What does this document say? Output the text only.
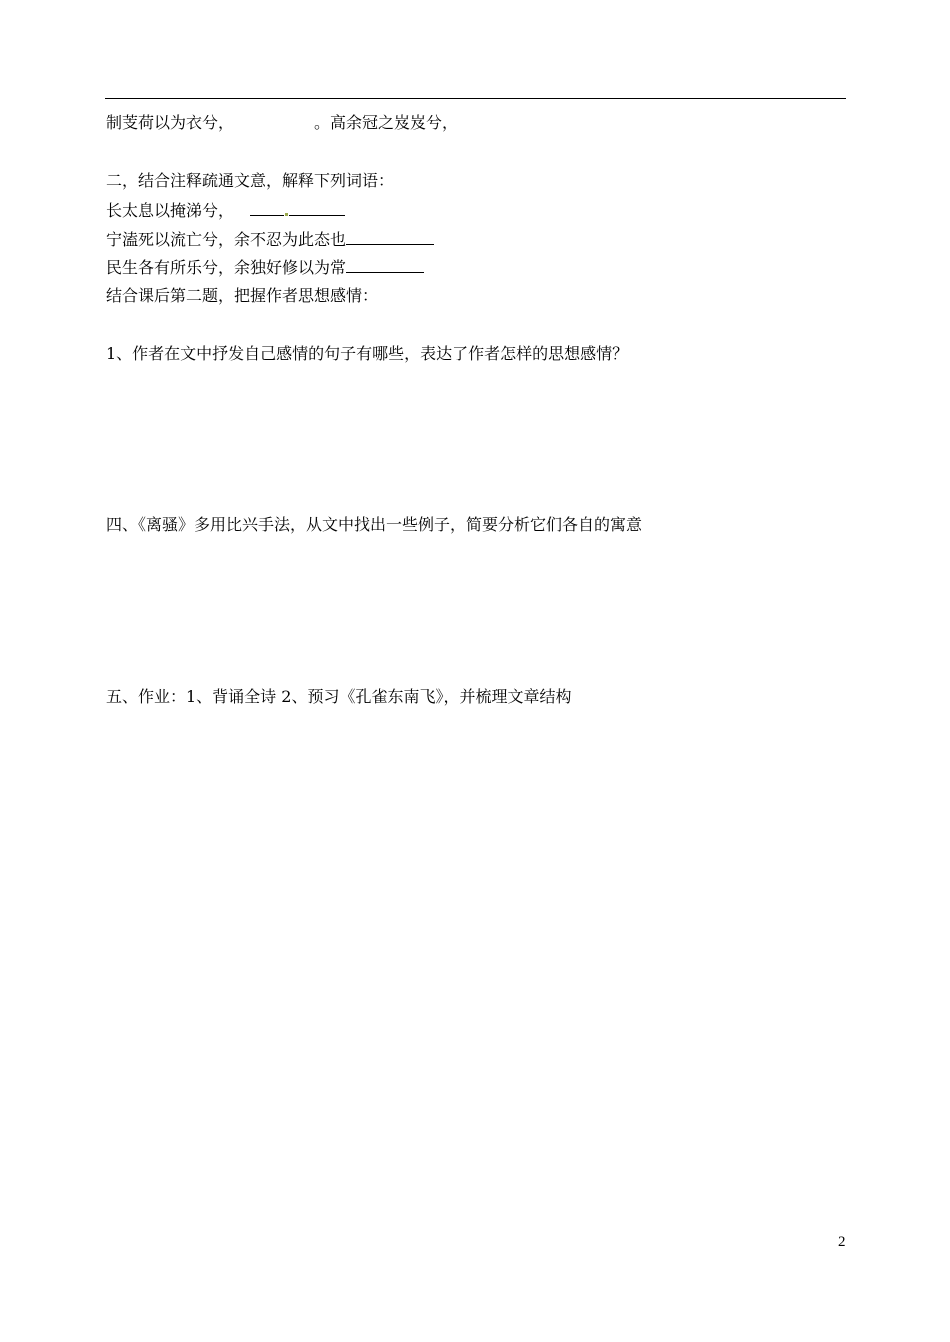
制芰荷以为衣兮，	。高余冠之岌岌兮，
二，结合注释疏通文意，解释下列词语：
长太息以掩涕兮，
宁溘死以流亡兮，余不忍为此态也
民生各有所乐兮，余独好修以为常
结合课后第二题，把握作者思想感情：
1、作者在文中抒发自己感情的句子有哪些，表达了作者怎样的思想感情？
四、《离骚》多用比兴手法，从文中找出一些例子，简要分析它们各自的寓意
五、作业：1、背诵全诗 2、预习《孔雀东南飞》，并梳理文章结构
2
